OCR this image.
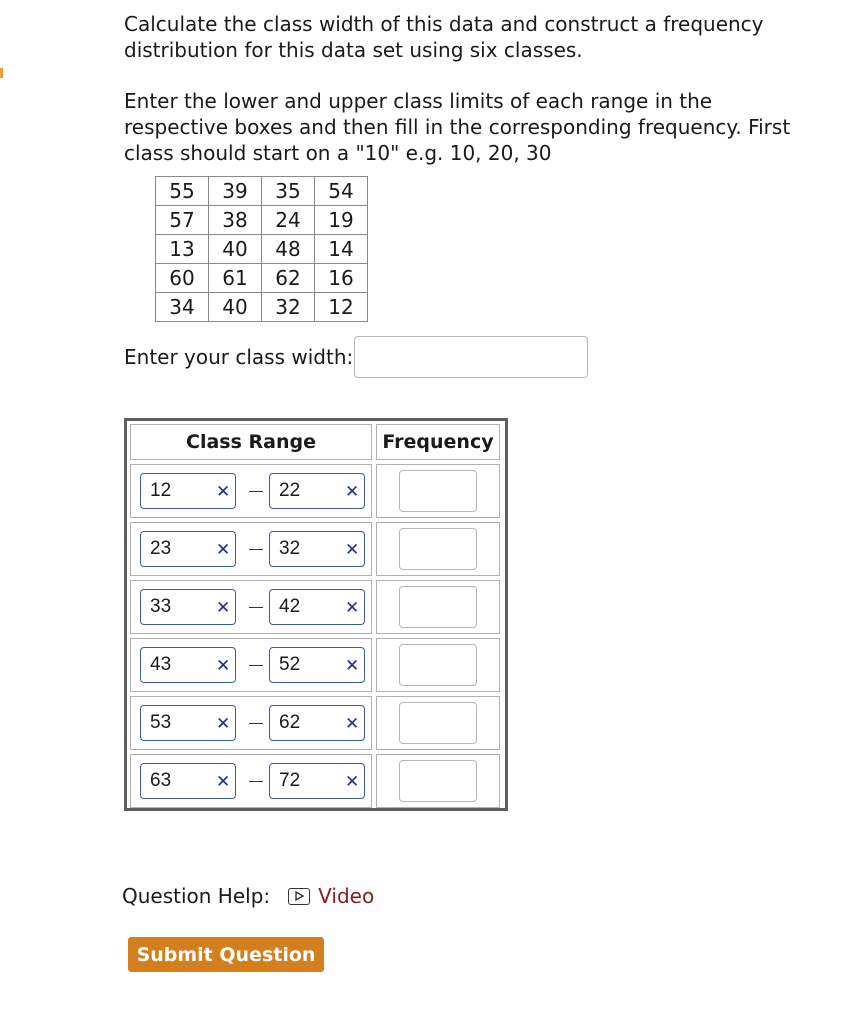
Calculate the class width of this data and construct a frequency distribution for this data set using six classes.

Enter the lower and upper class limits of each range in the respective boxes and then fill in the corresponding frequency. First class should start on a "10" e.g. 10, 20, 30

55	39	35	54
57	38	24	19
13	40	48	14
60	61	62	16
34	40	32	12
Enter your class width:
Class Range	Frequency
12	✕	22	✕
23	✕	32	✕
33	✕	42	✕
43	✕	52	✕
53	✕	62	✕
63	✕	72	✕
Question Help: Video
Submit Question
